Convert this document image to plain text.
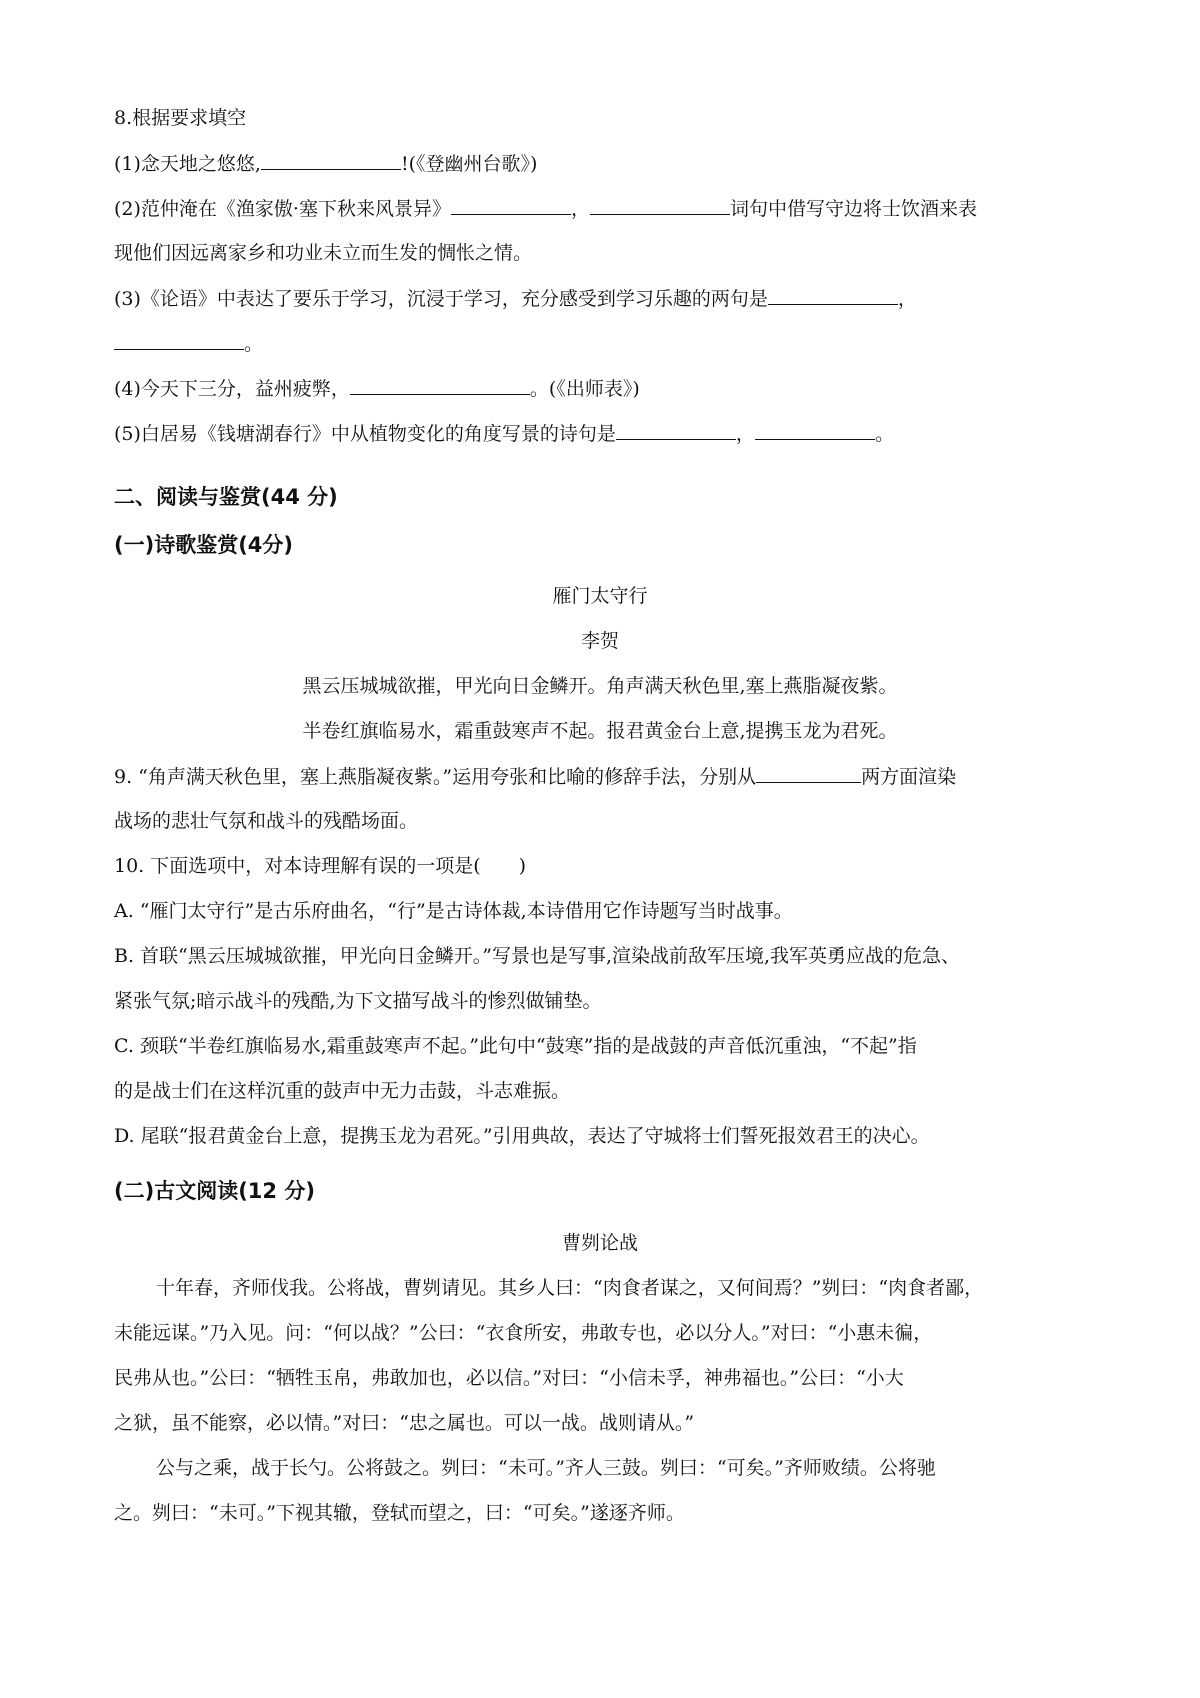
8.根据要求填空
(1)念天地之悠悠,	!(《登幽州台歌》)
(2)范仲淹在《渔家傲·塞下秋来风景异》	，	词句中借写守边将士饮酒来表
现他们因远离家乡和功业未立而生发的惆怅之情。
(3)《论语》中表达了要乐于学习，沉浸于学习，充分感受到学习乐趣的两句是	，
。
(4)今天下三分，益州疲弊，	。(《出师表》)
(5)白居易《钱塘湖春行》中从植物变化的角度写景的诗句是	，	。
二、阅读与鉴赏(44 分)
(一)诗歌鉴赏(4分)
雁门太守行
李贺
黑云压城城欲摧，甲光向日金鳞开。角声满天秋色里,塞上燕脂凝夜紫。
半卷红旗临易水，霜重鼓寒声不起。报君黄金台上意,提携玉龙为君死。
9. “角声满天秋色里，塞上燕脂凝夜紫。”运用夸张和比喻的修辞手法，分别从	两方面渲染
战场的悲壮气氛和战斗的残酷场面。
10. 下面选项中，对本诗理解有误的一项是(　　)
A. “雁门太守行”是古乐府曲名，“行”是古诗体裁,本诗借用它作诗题写当时战事。
B. 首联“黑云压城城欲摧，甲光向日金鳞开。”写景也是写事,渲染战前敌军压境,我军英勇应战的危急、
紧张气氛;暗示战斗的残酷,为下文描写战斗的惨烈做铺垫。
C. 颈联“半卷红旗临易水,霜重鼓寒声不起。”此句中“鼓寒”指的是战鼓的声音低沉重浊，“不起”指
的是战士们在这样沉重的鼓声中无力击鼓，斗志难振。
D. 尾联“报君黄金台上意，提携玉龙为君死。”引用典故，表达了守城将士们誓死报效君王的决心。
(二)古文阅读(12 分)
曹刿论战
十年春，齐师伐我。公将战，曹刿请见。其乡人曰：“肉食者谋之，又何间焉？”刿曰：“肉食者鄙，
未能远谋。”乃入见。问：“何以战？”公曰：“衣食所安，弗敢专也，必以分人。”对曰：“小惠未徧，
民弗从也。”公曰：“牺牲玉帛，弗敢加也，必以信。”对曰：“小信未孚，神弗福也。”公曰：“小大
之狱，虽不能察，必以情。”对曰：“忠之属也。可以一战。战则请从。”
公与之乘，战于长勺。公将鼓之。刿曰：“未可。”齐人三鼓。刿曰：“可矣。”齐师败绩。公将驰
之。刿曰：“未可。”下视其辙，登轼而望之，曰：“可矣。”遂逐齐师。
